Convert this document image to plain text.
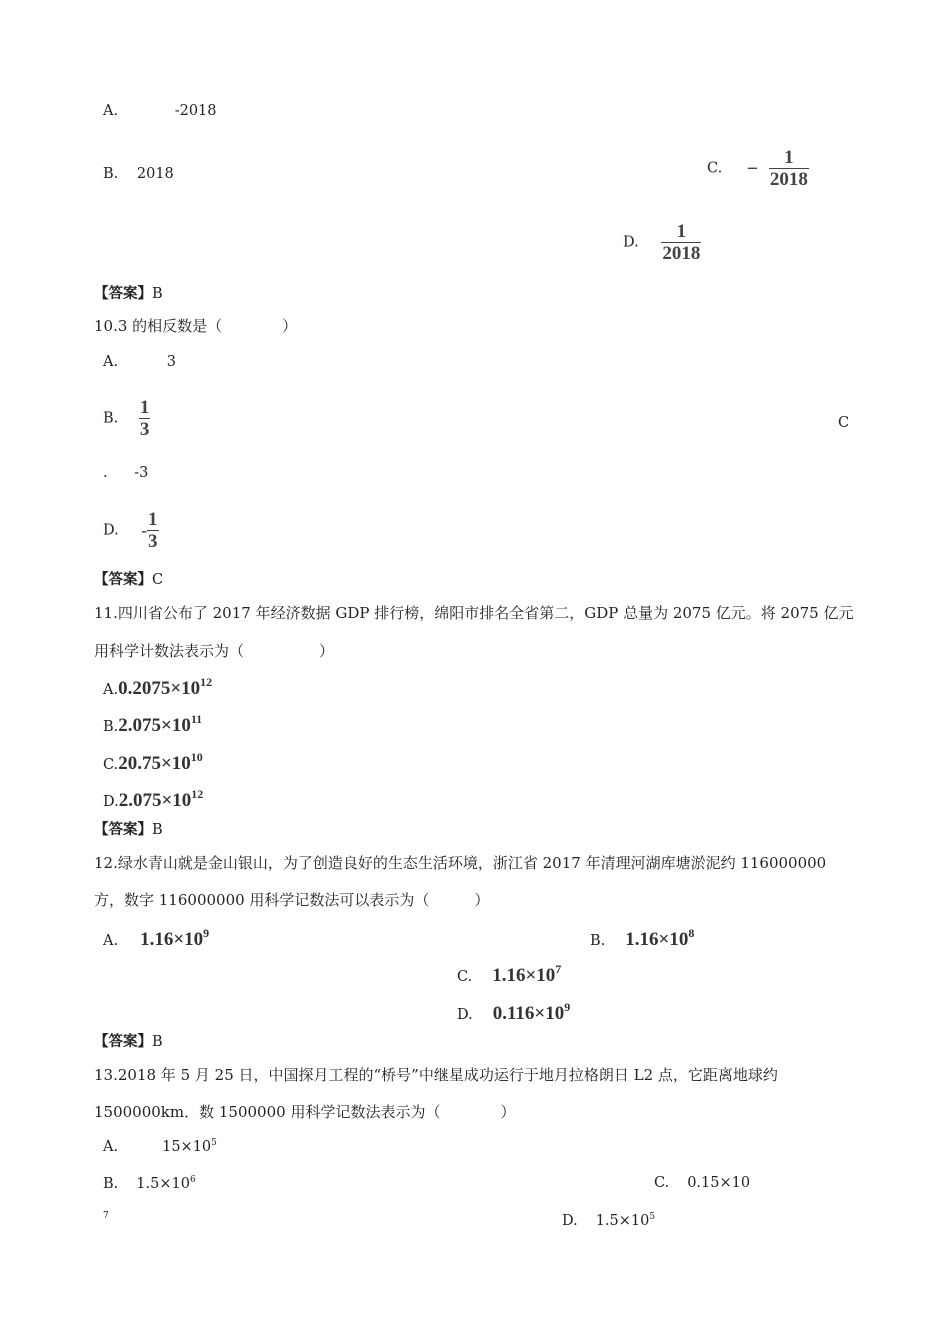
A.	-2018
B. 2018	C. − $\frac{1}{2018}$
D. $\frac{1}{2018}$
【答案】B
10.3 的相反数是（　　　　）
A.	3
B. $\frac{1}{3}$	C
. -3
D. - $\frac{1}{3}$
【答案】C
11.四川省公布了 2017 年经济数据 GDP 排行榜，绵阳市排名全省第二，GDP 总量为 2075 亿元。将 2075 亿元
用科学计数法表示为（　　　　　）
$A.0.2075\times 10^{12}$
$B.2.075\times 10^{11}$
$C.20.75\times 10^{10}$
$D.2.075\times 10^{12}$
【答案】B
12.绿水青山就是金山银山，为了创造良好的生态生活环境，浙江省 2017 年清理河湖库塘淤泥约 116000000
方，数字 116000000 用科学记数法可以表示为（　　　）
A. $1.16\times 10^9$	B. $1.16\times 10^8$
C. $1.16\times 10^7$
D. $0.116\times 10^9$
【答案】B
13.2018 年 5 月 25 日，中国探月工程的“桥号”中继星成功运行于地月拉格朗日 L2 点，它距离地球约
1500000km．数 1500000 用科学记数法表示为（　　　　）
A.	$15\times 10^5$
B. $1.5\times 10^6$	C. 0.15×10
7	D. $1.5\times 10^5$
